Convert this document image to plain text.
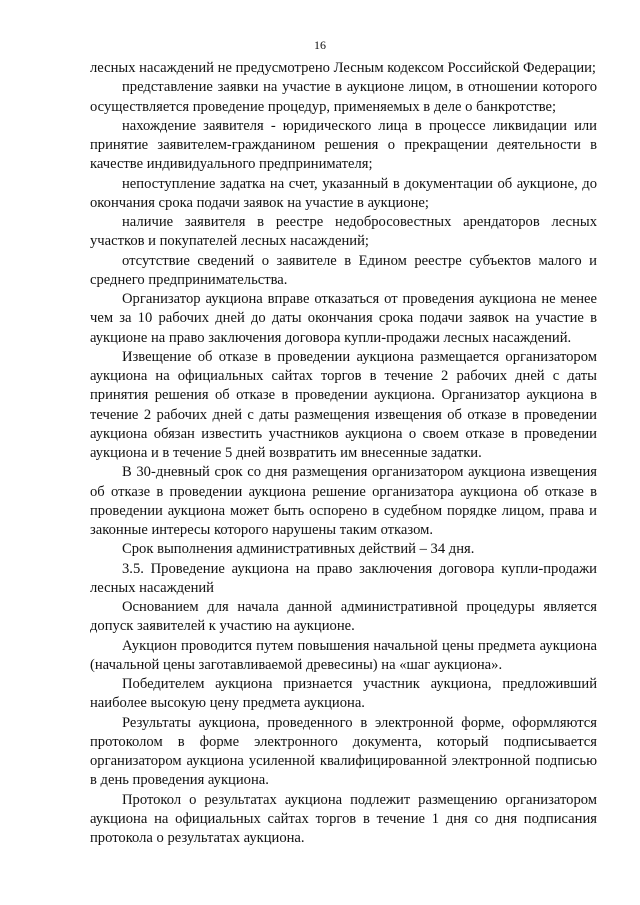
16

лесных насаждений не предусмотрено Лесным кодексом Российской Федерации;

представление заявки на участие в аукционе лицом, в отношении которого осуществляется проведение процедур, применяемых в деле о банкротстве;

нахождение заявителя - юридического лица в процессе ликвидации или принятие заявителем-гражданином решения о прекращении деятельности в качестве индивидуального предпринимателя;

непоступление задатка на счет, указанный в документации об аукционе, до окончания срока подачи заявок на участие в аукционе;

наличие заявителя в реестре недобросовестных арендаторов лесных участков и покупателей лесных насаждений;

отсутствие сведений о заявителе в Едином реестре субъектов малого и среднего предпринимательства.

Организатор аукциона вправе отказаться от проведения аукциона не менее чем за 10 рабочих дней до даты окончания срока подачи заявок на участие в аукционе на право заключения договора купли-продажи лесных насаждений.

Извещение об отказе в проведении аукциона размещается организатором аукциона на официальных сайтах торгов в течение 2 рабочих дней с даты принятия решения об отказе в проведении аукциона. Организатор аукциона в течение 2 рабочих дней с даты размещения извещения об отказе в проведении аукциона обязан известить участников аукциона о своем отказе в проведении аукциона и в течение 5 дней возвратить им внесенные задатки.

В 30-дневный срок со дня размещения организатором аукциона извещения об отказе в проведении аукциона решение организатора аукциона об отказе в проведении аукциона может быть оспорено в судебном порядке лицом, права и законные интересы которого нарушены таким отказом.

Срок выполнения административных действий – 34 дня.

3.5. Проведение аукциона на право заключения договора купли-продажи лесных насаждений

Основанием для начала данной административной процедуры является допуск заявителей к участию на аукционе.

Аукцион проводится путем повышения начальной цены предмета аукциона (начальной цены заготавливаемой древесины) на «шаг аукциона».

Победителем аукциона признается участник аукциона, предложивший наиболее высокую цену предмета аукциона.

Результаты аукциона, проведенного в электронной форме, оформляются протоколом в форме электронного документа, который подписывается организатором аукциона усиленной квалифицированной электронной подписью в день проведения аукциона.

Протокол о результатах аукциона подлежит размещению организатором аукциона на официальных сайтах торгов в течение 1 дня со дня подписания протокола о результатах аукциона.
